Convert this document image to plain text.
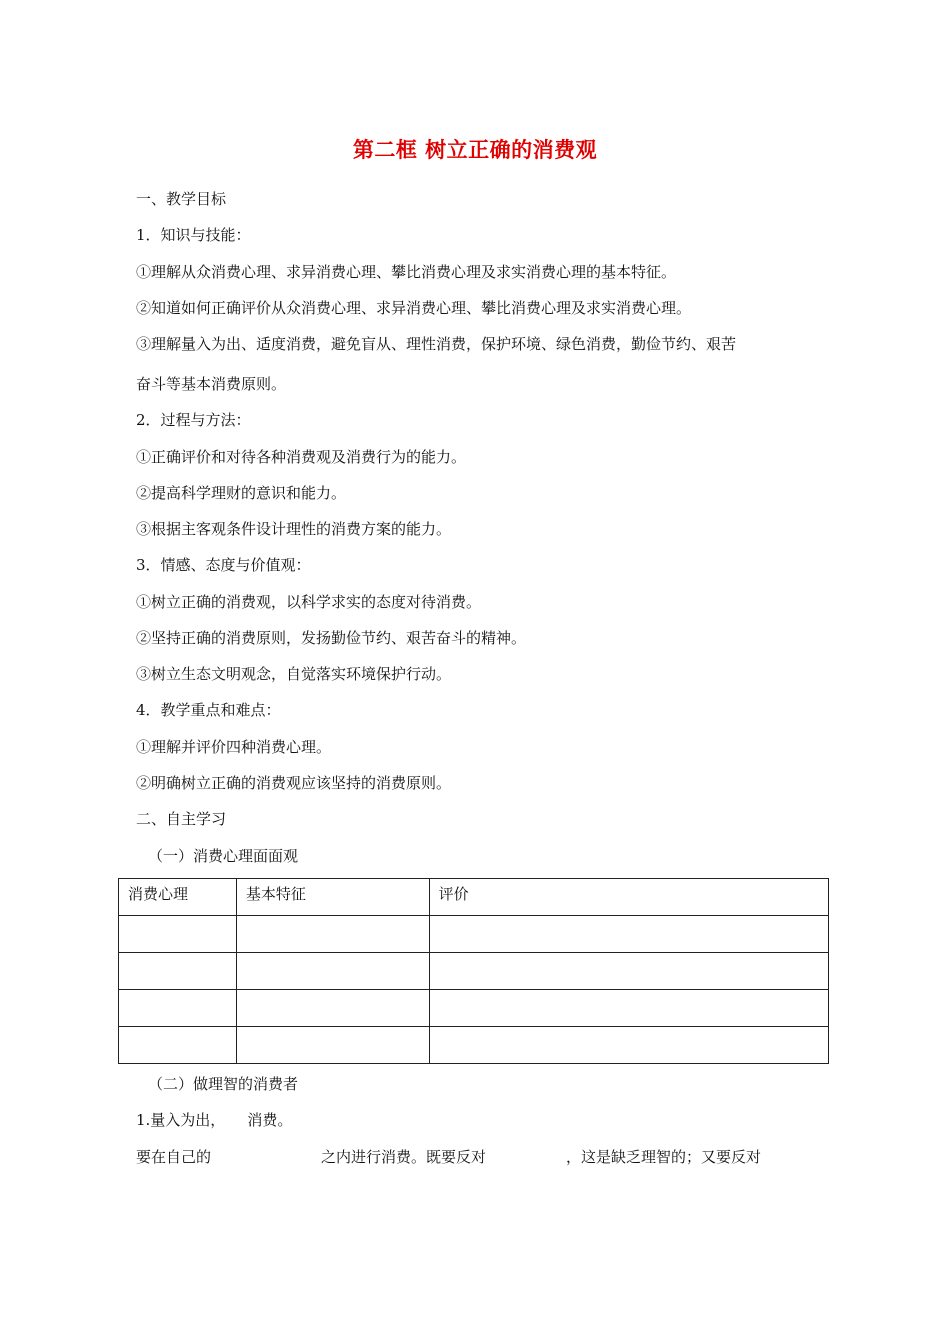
第二框 树立正确的消费观
一、教学目标
1．知识与技能：
①理解从众消费心理、求异消费心理、攀比消费心理及求实消费心理的基本特征。
②知道如何正确评价从众消费心理、求异消费心理、攀比消费心理及求实消费心理。
③理解量入为出、适度消费，避免盲从、理性消费，保护环境、绿色消费，勤俭节约、艰苦
奋斗等基本消费原则。
2．过程与方法：
①正确评价和对待各种消费观及消费行为的能力。
②提高科学理财的意识和能力。
③根据主客观条件设计理性的消费方案的能力。
3．情感、态度与价值观：
①树立正确的消费观，以科学求实的态度对待消费。
②坚持正确的消费原则，发扬勤俭节约、艰苦奋斗的精神。
③树立生态文明观念，自觉落实环境保护行动。
4．教学重点和难点：
①理解并评价四种消费心理。
②明确树立正确的消费观应该坚持的消费原则。
二、自主学习
（一）消费心理面面观
消费心理	基本特征	评价

（二）做理智的消费者
1.量入为出， 消费。
要在自己的	之内进行消费。既要反对	，这是缺乏理智的；又要反对
